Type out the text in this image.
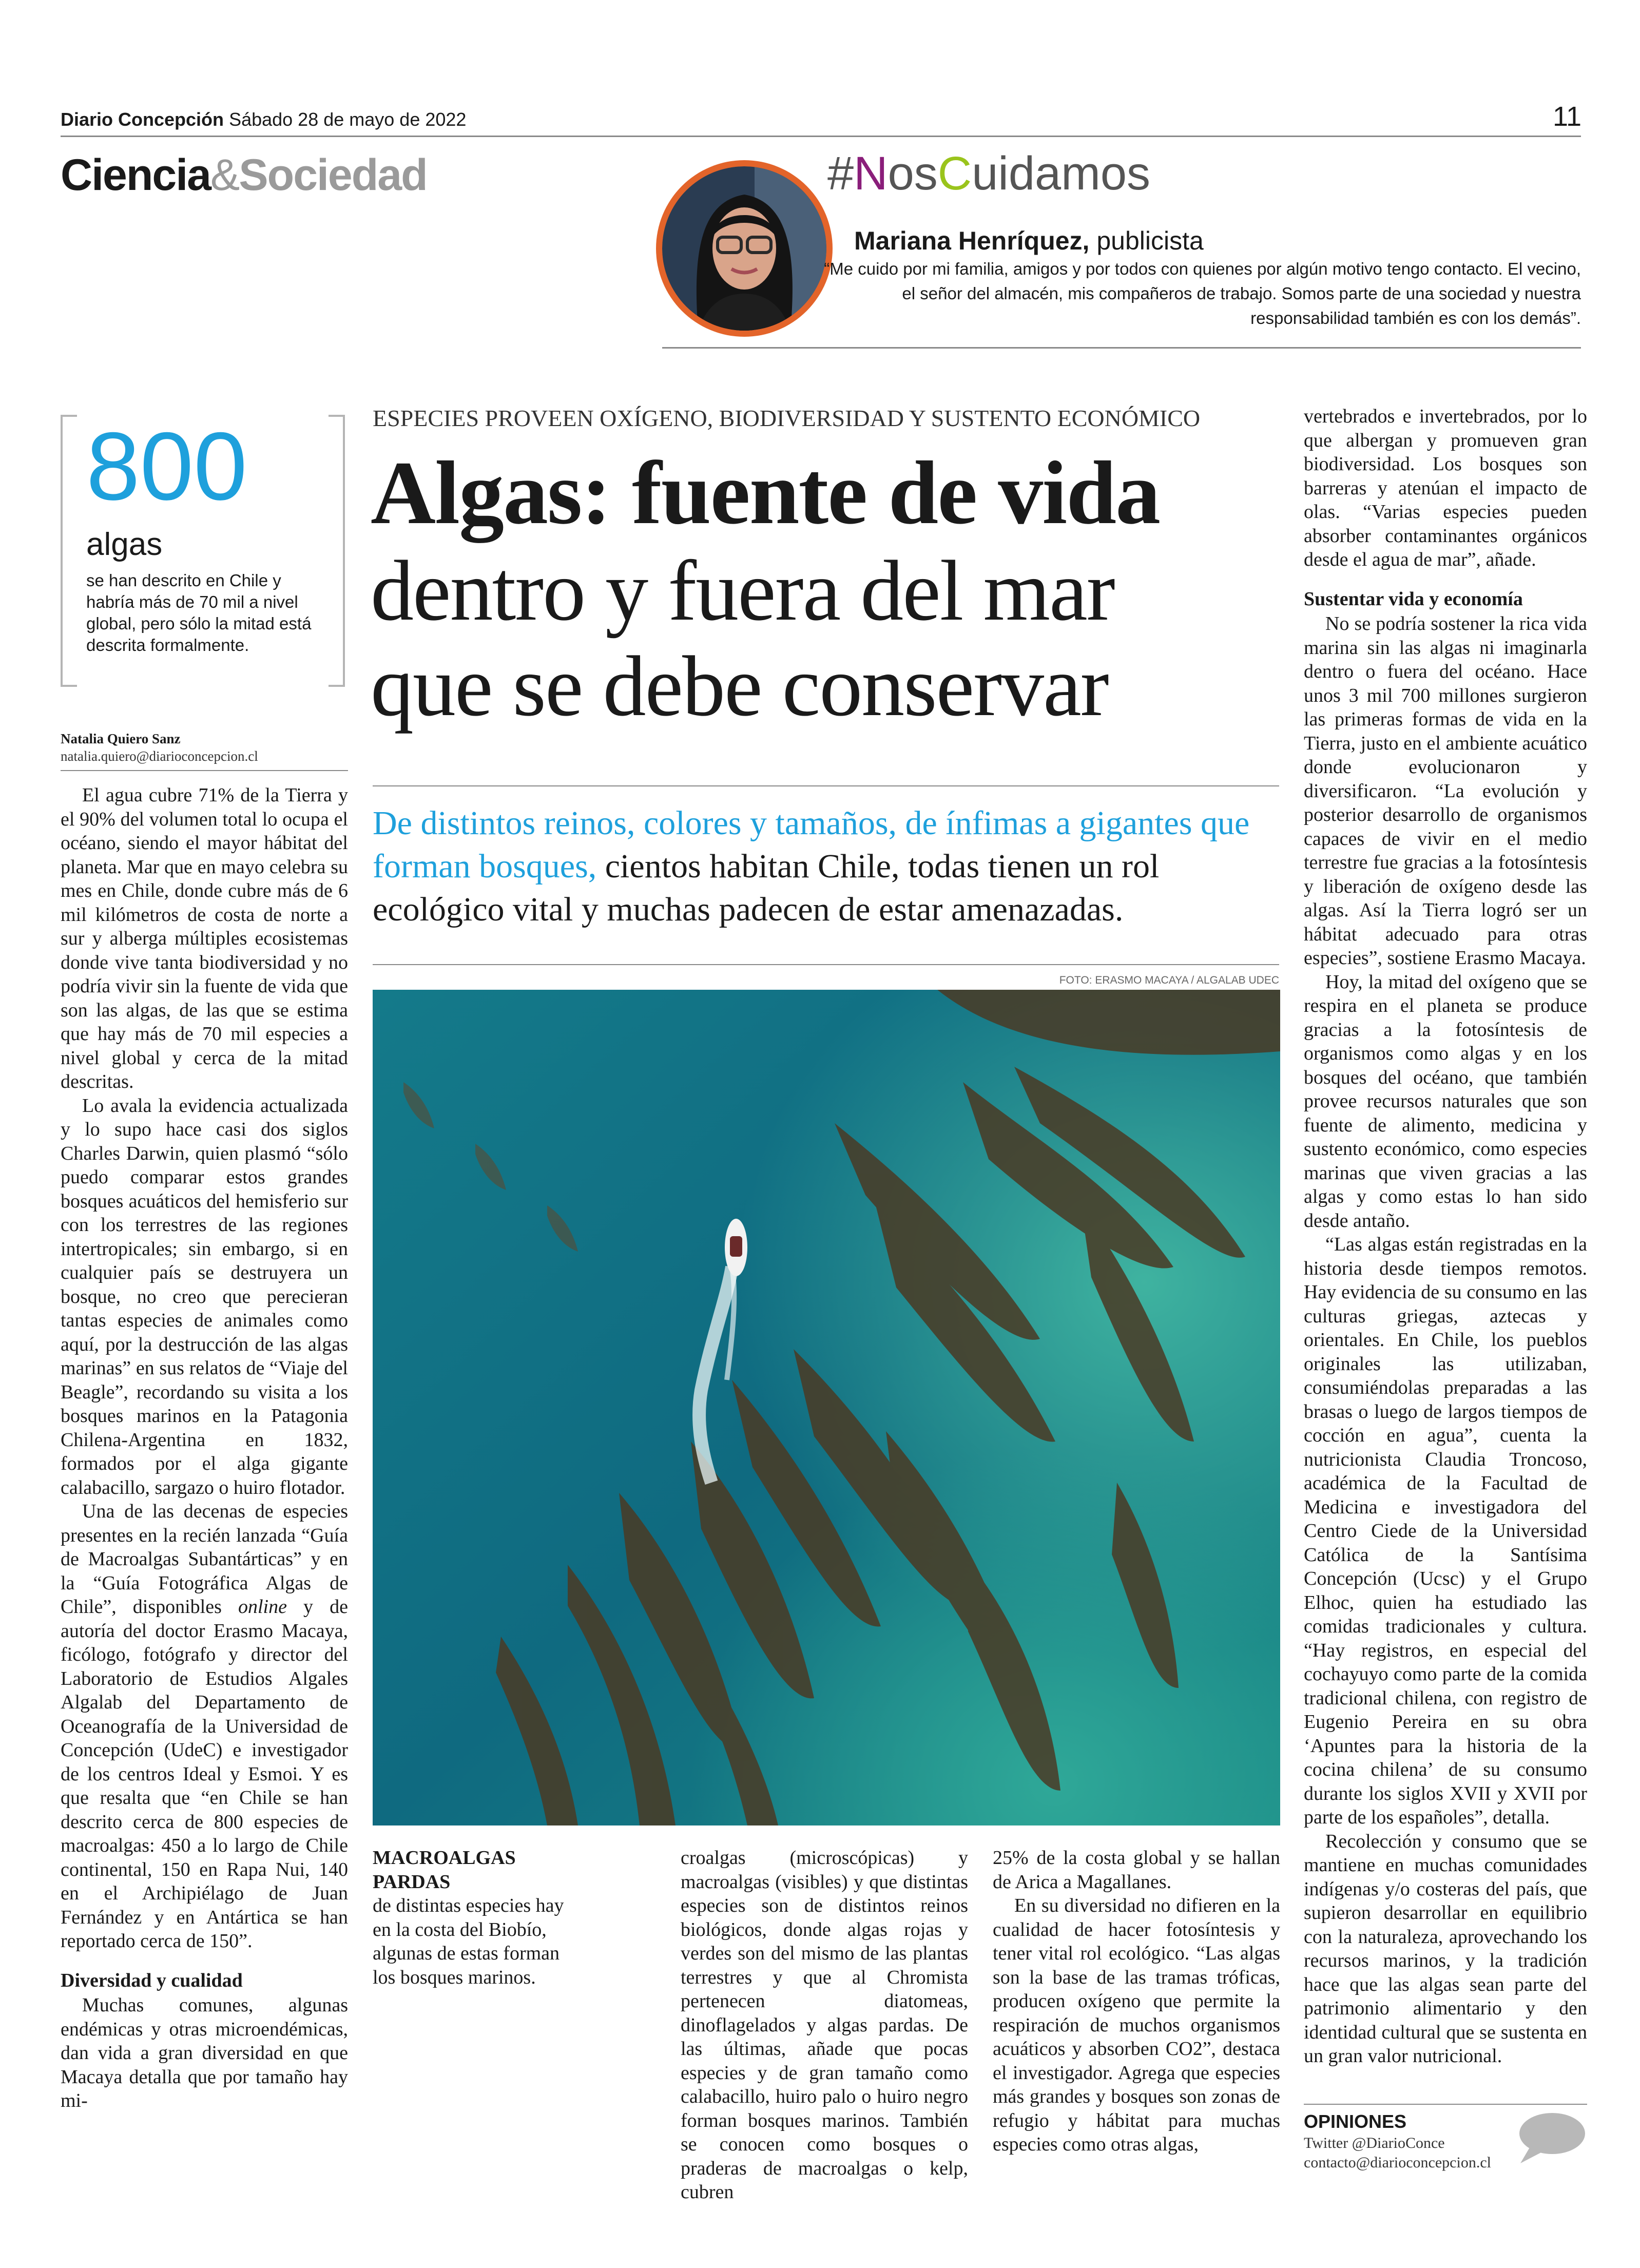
Diario Concepción Sábado 28 de mayo de 2022	11
Ciencia&Sociedad	#NosCuidamos
Mariana Henríquez, publicista
“Me cuido por mi familia, amigos y por todos con quienes por algún motivo tengo contacto. El vecino, el señor del almacén, mis compañeros de trabajo. Somos parte de una sociedad y nuestra responsabilidad también es con los demás”.
800
algas
se han descrito en Chile y habría más de 70 mil a nivel global, pero sólo la mitad está descrita formalmente.
Natalia Quiero Sanz
natalia.quiero@diarioconcepcion.cl
ESPECIES PROVEEN OXÍGENO, BIODIVERSIDAD Y SUSTENTO ECONÓMICO
Algas: fuente de vida
dentro y fuera del mar
que se debe conservar
De distintos reinos, colores y tamaños, de ínfimas a gigantes que forman bosques, cientos habitan Chile, todas tienen un rol ecológico vital y muchas padecen de estar amenazadas.
FOTO: ERASMO MACAYA / ALGALAB UDEC

El agua cubre 71% de la Tierra y el 90% del volumen total lo ocupa el océano, siendo el mayor hábitat del planeta. Mar que en mayo celebra su mes en Chile, donde cubre más de 6 mil kilómetros de costa de norte a sur y alberga múltiples ecosistemas donde vive tanta biodiversidad y no podría vivir sin la fuente de vida que son las algas, de las que se estima que hay más de 70 mil especies a nivel global y cerca de la mitad descritas.

Lo avala la evidencia actualizada y lo supo hace casi dos siglos Charles Darwin, quien plasmó “sólo puedo comparar estos grandes bosques acuáticos del hemisferio sur con los terrestres de las regiones intertropicales; sin embargo, si en cualquier país se destruyera un bosque, no creo que perecieran tantas especies de animales como aquí, por la destrucción de las algas marinas” en sus relatos de “Viaje del Beagle”, recordando su visita a los bosques marinos en la Patagonia Chilena-Argentina en 1832, formados por el alga gigante calabacillo, sargazo o huiro flotador.

Una de las decenas de especies presentes en la recién lanzada “Guía de Macroalgas Subantárticas” y en la “Guía Fotográfica Algas de Chile”, disponibles online y de autoría del doctor Erasmo Macaya, ficólogo, fotógrafo y director del Laboratorio de Estudios Algales Algalab del Departamento de Oceanografía de la Universidad de Concepción (UdeC) e investigador de los centros Ideal y Esmoi. Y es que resalta que “en Chile se han descrito cerca de 800 especies de macroalgas: 450 a lo largo de Chile continental, 150 en Rapa Nui, 140 en el Archipiélago de Juan Fernández y en Antártica se han reportado cerca de 150”.

Diversidad y cualidad

Muchas comunes, algunas endémicas y otras microendémicas, dan vida a gran diversidad en que Macaya detalla que por tamaño hay mi-

MACROALGAS PARDAS
de distintas especies hay en la costa del Biobío, algunas de estas forman los bosques marinos.

croalgas (microscópicas) y macroalgas (visibles) y que distintas especies son de distintos reinos biológicos, donde algas rojas y verdes son del mismo de las plantas terrestres y que al Chromista pertenecen diatomeas, dinoflagelados y algas pardas. De las últimas, añade que pocas especies y de gran tamaño como calabacillo, huiro palo o huiro negro forman bosques marinos. También se conocen como bosques o praderas de macroalgas o kelp, cubren

25% de la costa global y se hallan de Arica a Magallanes.

En su diversidad no difieren en la cualidad de hacer fotosíntesis y tener vital rol ecológico. “Las algas son la base de las tramas tróficas, producen oxígeno que permite la respiración de muchos organismos acuáticos y absorben CO2”, destaca el investigador. Agrega que especies más grandes y bosques son zonas de refugio y hábitat para muchas especies como otras algas,

vertebrados e invertebrados, por lo que albergan y promueven gran biodiversidad. Los bosques son barreras y atenúan el impacto de olas. “Varias especies pueden absorber contaminantes orgánicos desde el agua de mar”, añade.

Sustentar vida y economía

No se podría sostener la rica vida marina sin las algas ni imaginarla dentro o fuera del océano. Hace unos 3 mil 700 millones surgieron las primeras formas de vida en la Tierra, justo en el ambiente acuático donde evolucionaron y diversificaron. “La evolución y posterior desarrollo de organismos capaces de vivir en el medio terrestre fue gracias a la fotosíntesis y liberación de oxígeno desde las algas. Así la Tierra logró ser un hábitat adecuado para otras especies”, sostiene Erasmo Macaya.

Hoy, la mitad del oxígeno que se respira en el planeta se produce gracias a la fotosíntesis de organismos como algas y en los bosques del océano, que también provee recursos naturales que son fuente de alimento, medicina y sustento económico, como especies marinas que viven gracias a las algas y como estas lo han sido desde antaño.

“Las algas están registradas en la historia desde tiempos remotos. Hay evidencia de su consumo en las culturas griegas, aztecas y orientales. En Chile, los pueblos originales las utilizaban, consumiéndolas preparadas a las brasas o luego de largos tiempos de cocción en agua”, cuenta la nutricionista Claudia Troncoso, académica de la Facultad de Medicina e investigadora del Centro Ciede de la Universidad Católica de la Santísima Concepción (Ucsc) y el Grupo Elhoc, quien ha estudiado las comidas tradicionales y cultura. “Hay registros, en especial del cochayuyo como parte de la comida tradicional chilena, con registro de Eugenio Pereira en su obra ‘Apuntes para la historia de la cocina chilena’ de su consumo durante los siglos XVII y XVII por parte de los españoles”, detalla.

Recolección y consumo que se mantiene en muchas comunidades indígenas y/o costeras del país, que supieron desarrollar en equilibrio con la naturaleza, aprovechando los recursos marinos, y la tradición hace que las algas sean parte del patrimonio alimentario y den identidad cultural que se sustenta en un gran valor nutricional.

OPINIONES
Twitter @DiarioConce
contacto@diarioconcepcion.cl
